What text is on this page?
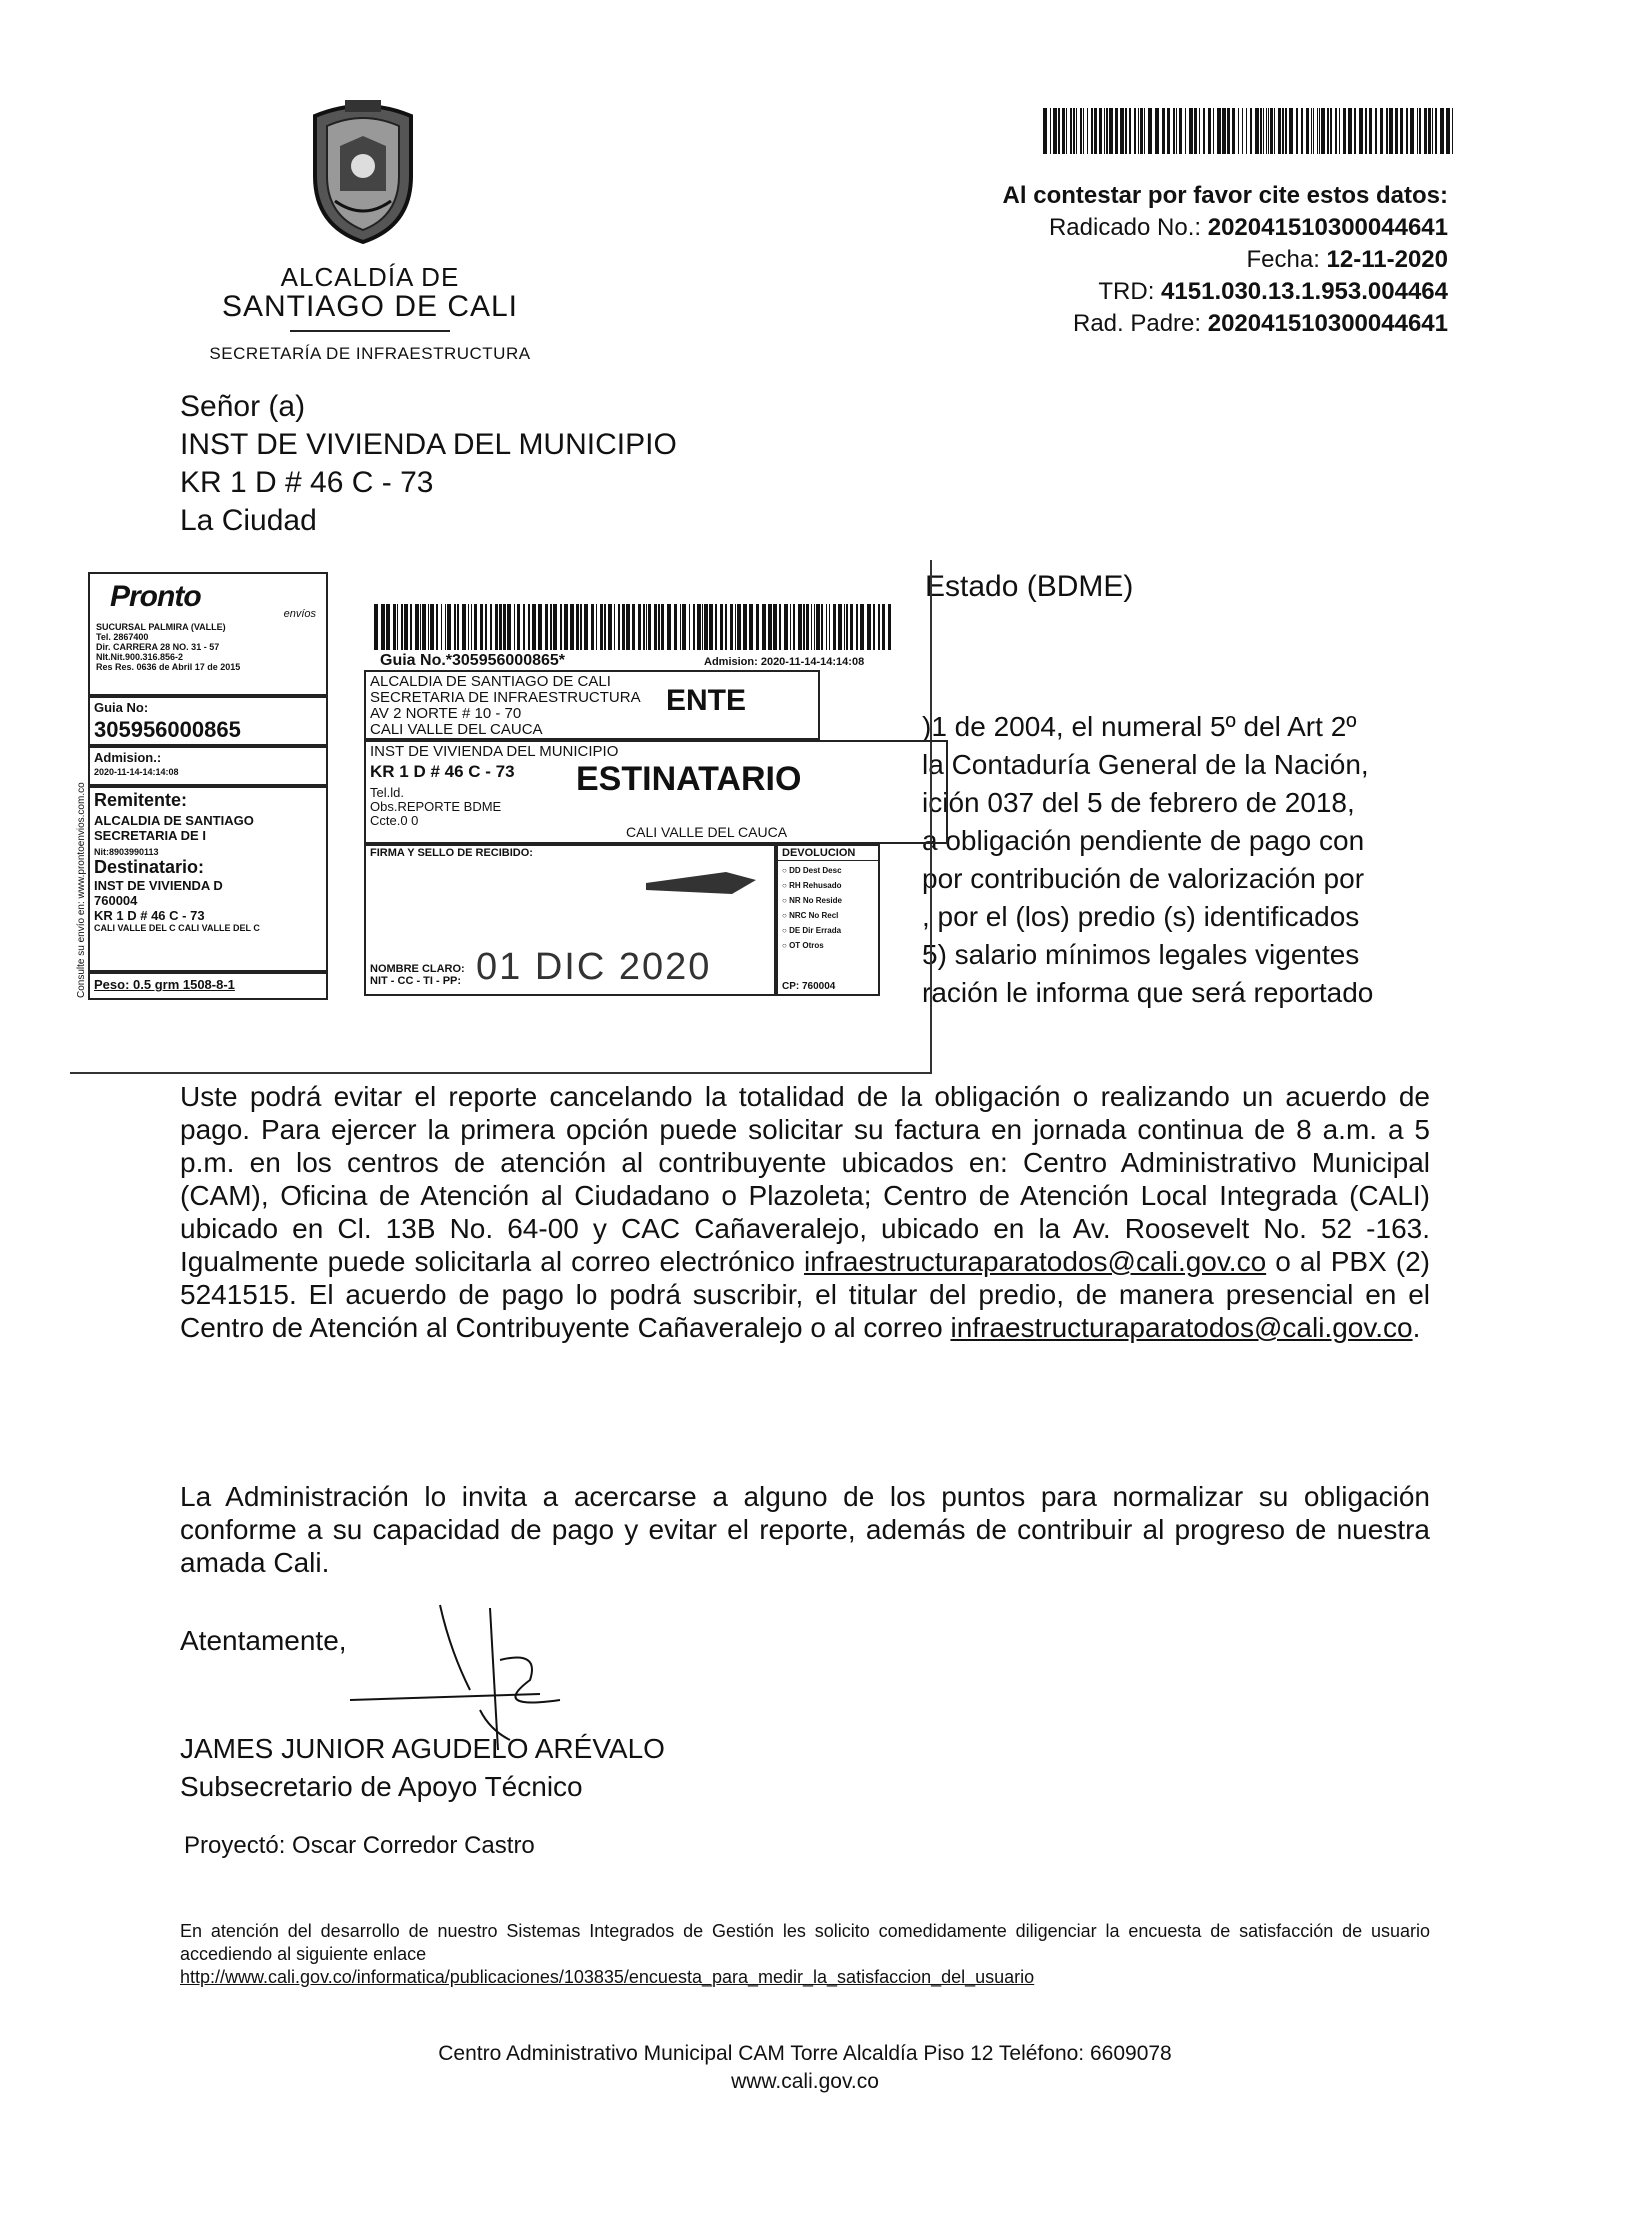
ALCALDÍA DE
SANTIAGO DE CALI
SECRETARÍA DE INFRAESTRUCTURA
Al contestar por favor cite estos datos:
Radicado No.: 202041510300044641
Fecha: 12-11-2020
TRD: 4151.030.13.1.953.004464
Rad. Padre: 202041510300044641
Señor (a)
INST DE VIVIENDA DEL MUNICIPIO
KR 1 D # 46 C - 73
La Ciudad
Estado (BDME)
)1 de 2004, el numeral 5º del Art 2º
la Contaduría General de la Nación,
ición 037 del 5 de febrero de 2018,
a obligación pendiente de pago con
por contribución de valorización por
, por el (los) predio (s) identificados
5) salario mínimos legales vigentes
ración le informa que será reportado
Pronto
envíos
SUCURSAL PALMIRA (VALLE)
Tel. 2867400
Dir. CARRERA 28 NO. 31 - 57
NIt.Nit.900.316.856-2
Res Res. 0636 de Abril 17 de 2015
Guia No:
305956000865
Admision.:
2020-11-14-14:14:08
Remitente:
ALCALDIA DE SANTIAGO
SECRETARIA DE I
Nit:8903990113
Destinatario:
INST DE VIVIENDA D
760004
KR 1 D # 46 C - 73
CALI VALLE DEL C CALI VALLE DEL C
Peso: 0.5 grm 1508-8-1
Consulte su envío en: www.prontoenvios.com.co
Guia No.*305956000865*	Admision: 2020-11-14-14:14:08
ALCALDIA DE SANTIAGO DE CALI
SECRETARIA DE INFRAESTRUCTURA
AV 2 NORTE # 10 - 70
CALI VALLE DEL CAUCA
ENTE
INST DE VIVIENDA DEL MUNICIPIO
KR 1 D # 46 C - 73	ESTINATARIO
Tel.ld.
Obs.REPORTE BDME
Ccte.0 0
CALI VALLE DEL CAUCA
FIRMA Y SELLO DE RECIBIDO:
NOMBRE CLARO:
NIT - CC - TI - PP: 01 DIC 2020
DEVOLUCION
○ DD Dest Desc
○ RH Rehusado
○ NR No Reside
○ NRC No Recl
○ DE Dir Errada
○ OT Otros
CP: 760004
Uste podrá evitar el reporte cancelando la totalidad de la obligación o realizando un acuerdo de pago. Para ejercer la primera opción puede solicitar su factura en jornada continua de 8 a.m. a 5 p.m. en los centros de atención al contribuyente ubicados en: Centro Administrativo Municipal (CAM), Oficina de Atención al Ciudadano o Plazoleta; Centro de Atención Local Integrada (CALI) ubicado en Cl. 13B No. 64-00 y CAC Cañaveralejo, ubicado en la Av. Roosevelt No. 52 -163. Igualmente puede solicitarla al correo electrónico infraestructuraparatodos@cali.gov.co o al PBX (2) 5241515. El acuerdo de pago lo podrá suscribir, el titular del predio, de manera presencial en el Centro de Atención al Contribuyente Cañaveralejo o al correo infraestructuraparatodos@cali.gov.co.
La Administración lo invita a acercarse a alguno de los puntos para normalizar su obligación conforme a su capacidad de pago y evitar el reporte, además de contribuir al progreso de nuestra amada Cali.
Atentamente,
JAMES JUNIOR AGUDELO ARÉVALO
Subsecretario de Apoyo Técnico
Proyectó: Oscar Corredor Castro
En atención del desarrollo de nuestro Sistemas Integrados de Gestión les solicito comedidamente diligenciar la encuesta de satisfacción de usuario accediendo al siguiente enlace
http://www.cali.gov.co/informatica/publicaciones/103835/encuesta_para_medir_la_satisfaccion_del_usuario
Centro Administrativo Municipal CAM Torre Alcaldía Piso 12 Teléfono: 6609078
www.cali.gov.co
